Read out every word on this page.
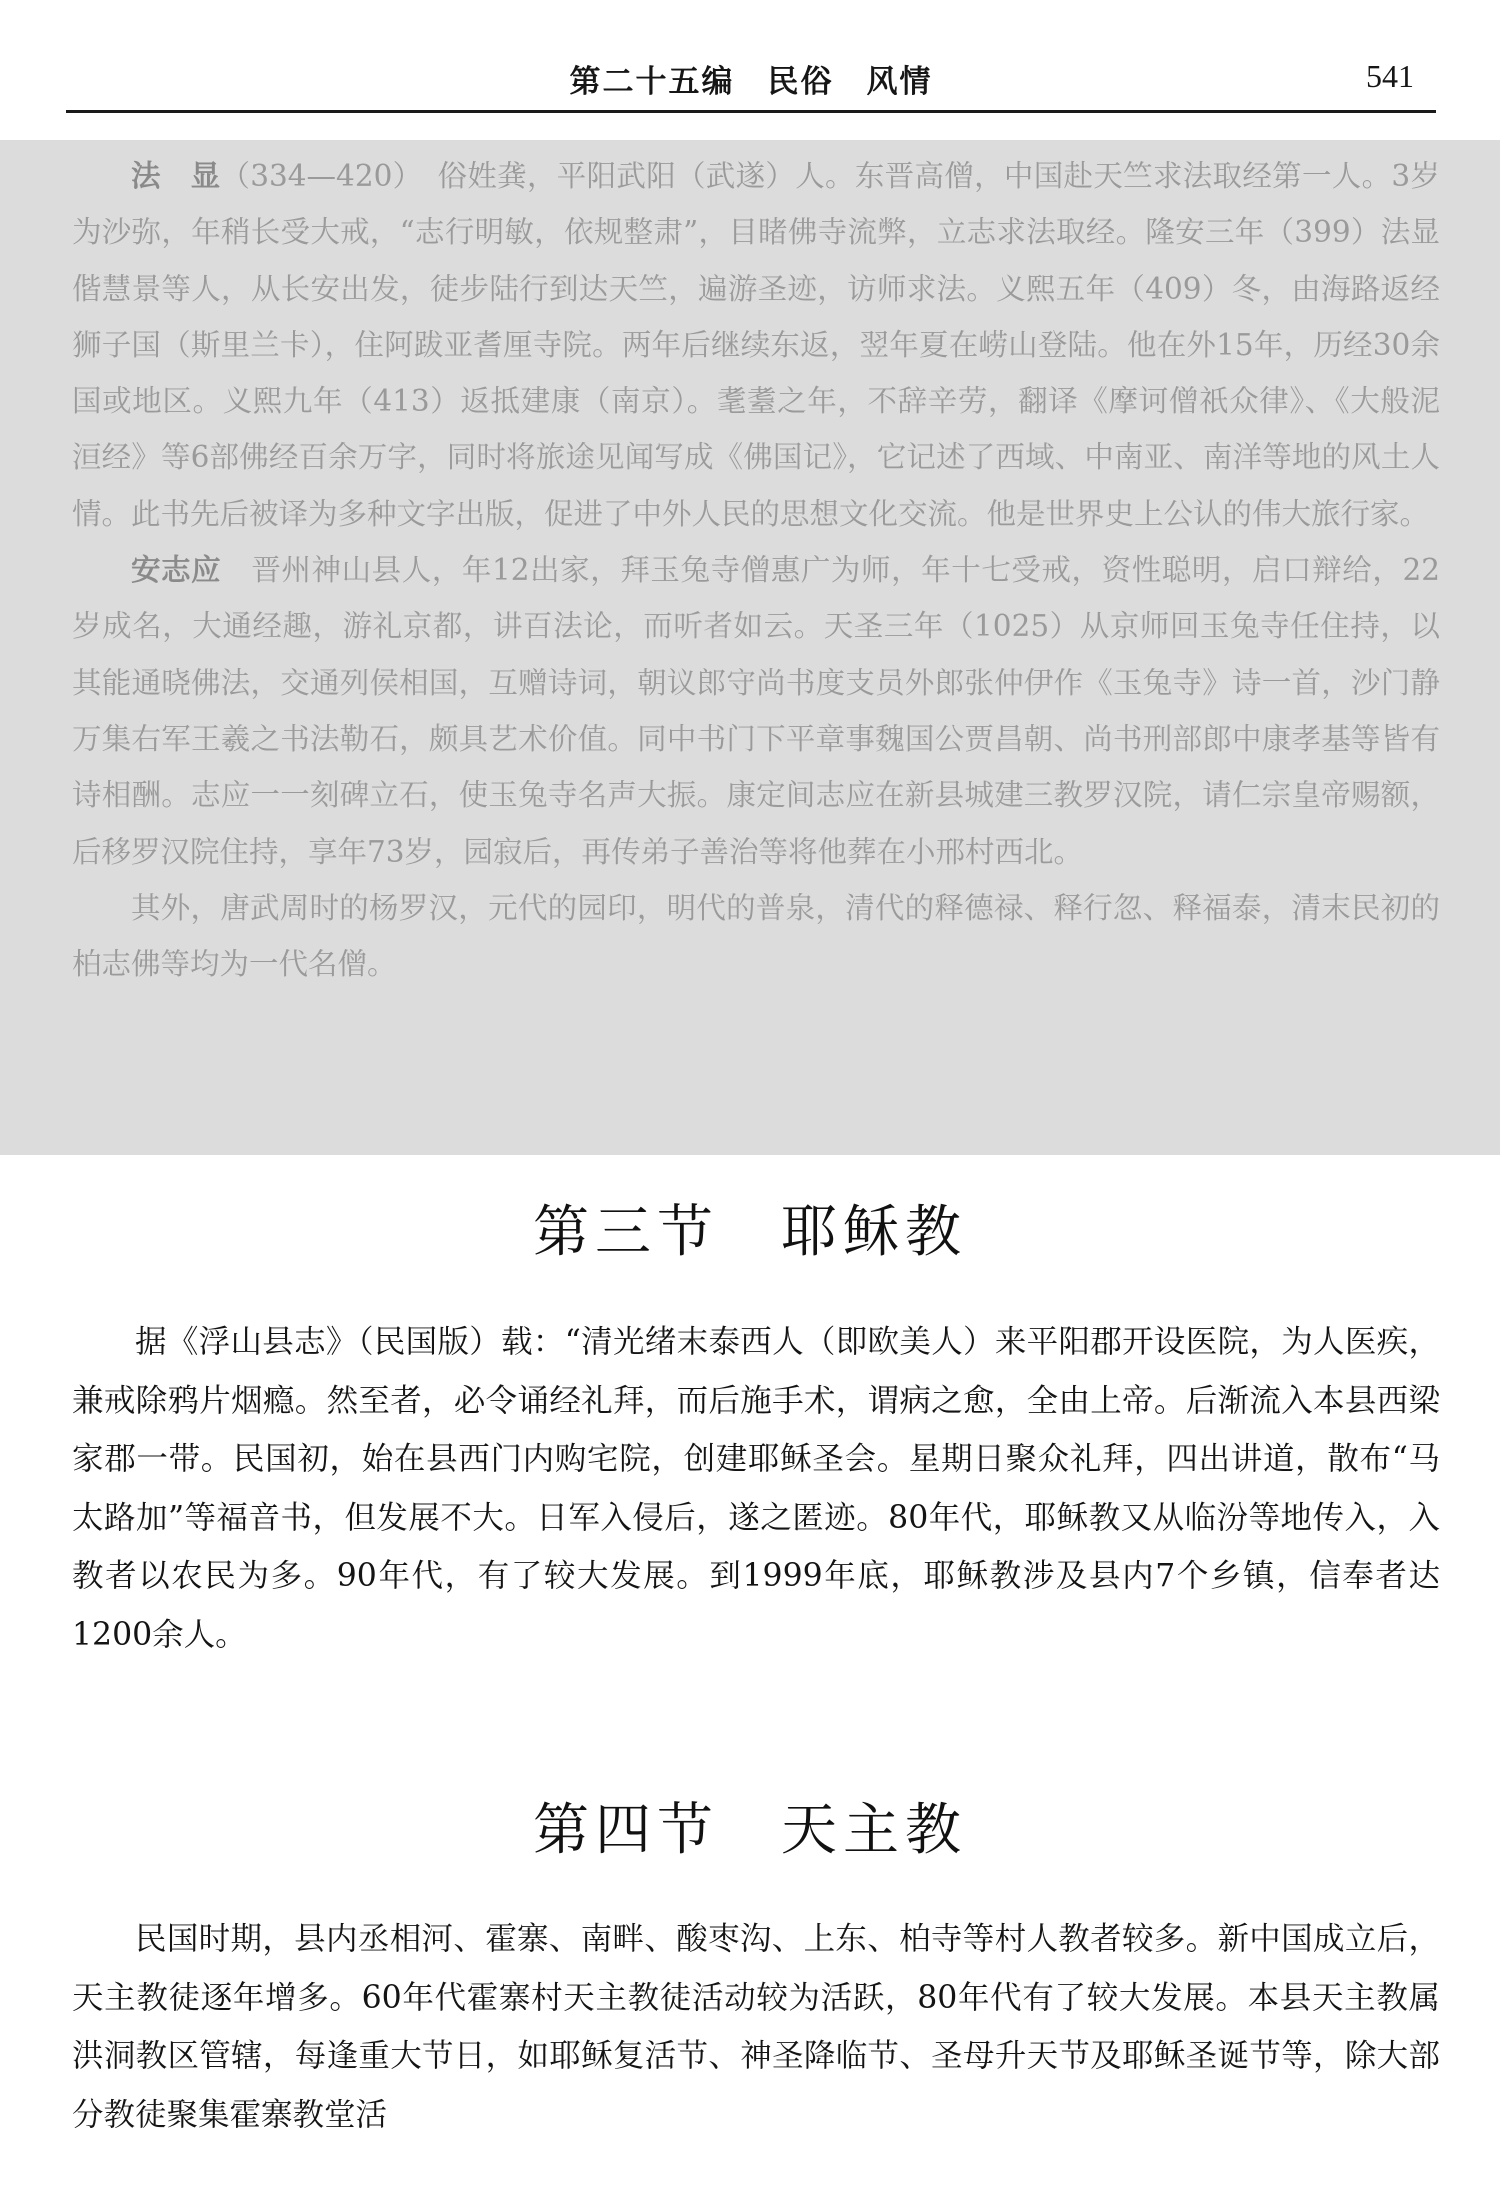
第二十五编　民俗　风情	541

法　显（334—420）　俗姓龚，平阳武阳（武遂）人。东晋高僧，中国赴天竺求法取经第一人。3岁为沙弥，年稍长受大戒，“志行明敏，依规整肃”，目睹佛寺流弊，立志求法取经。隆安三年（399）法显偕慧景等人，从长安出发，徒步陆行到达天竺，遍游圣迹，访师求法。义熙五年（409）冬，由海路返经狮子国（斯里兰卡），住阿跋亚耆厘寺院。两年后继续东返，翌年夏在崂山登陆。他在外15年，历经30余国或地区。义熙九年（413）返抵建康（南京）。耄耋之年，不辞辛劳，翻译《摩诃僧祇众律》、《大般泥洹经》等6部佛经百余万字，同时将旅途见闻写成《佛国记》，它记述了西域、中南亚、南洋等地的风土人情。此书先后被译为多种文字出版，促进了中外人民的思想文化交流。他是世界史上公认的伟大旅行家。

安志应　晋州神山县人，年12出家，拜玉兔寺僧惠广为师，年十七受戒，资性聪明，启口辩给，22岁成名，大通经趣，游礼京都，讲百法论，而听者如云。天圣三年（1025）从京师回玉兔寺任住持，以其能通晓佛法，交通列侯相国，互赠诗词，朝议郎守尚书度支员外郎张仲伊作《玉兔寺》诗一首，沙门静万集右军王羲之书法勒石，颇具艺术价值。同中书门下平章事魏国公贾昌朝、尚书刑部郎中康孝基等皆有诗相酬。志应一一刻碑立石，使玉兔寺名声大振。康定间志应在新县城建三教罗汉院，请仁宗皇帝赐额，后移罗汉院住持，享年73岁，园寂后，再传弟子善治等将他葬在小邢村西北。

其外，唐武周时的杨罗汉，元代的园印，明代的普泉，清代的释德禄、释行忽、释福泰，清末民初的柏志佛等均为一代名僧。

第三节　耶稣教

据《浮山县志》（民国版）载：“清光绪末泰西人（即欧美人）来平阳郡开设医院，为人医疾，兼戒除鸦片烟瘾。然至者，必令诵经礼拜，而后施手术，谓病之愈，全由上帝。后渐流入本县西梁家郡一带。民国初，始在县西门内购宅院，创建耶稣圣会。星期日聚众礼拜，四出讲道，散布“马太路加”等福音书，但发展不大。日军入侵后，遂之匿迹。80年代，耶稣教又从临汾等地传入，入教者以农民为多。90年代，有了较大发展。到1999年底，耶稣教涉及县内7个乡镇，信奉者达1200余人。

第四节　天主教

民国时期，县内丞相河、霍寨、南畔、酸枣沟、上东、柏寺等村人教者较多。新中国成立后，天主教徒逐年增多。60年代霍寨村天主教徒活动较为活跃，80年代有了较大发展。本县天主教属洪洞教区管辖，每逢重大节日，如耶稣复活节、神圣降临节、圣母升天节及耶稣圣诞节等，除大部分教徒聚集霍寨教堂活
